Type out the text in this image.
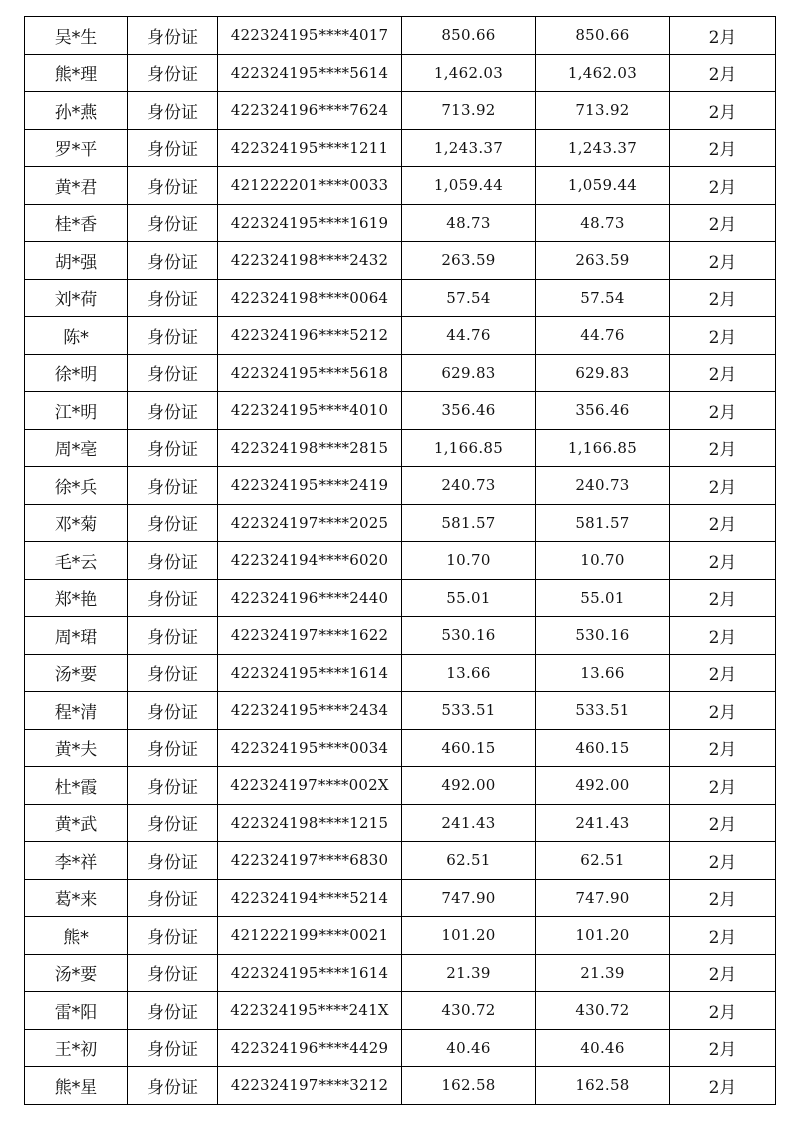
吴*生	身份证	422324195****4017	850.66	850.66	2月
熊*理	身份证	422324195****5614	1,462.03	1,462.03	2月
孙*燕	身份证	422324196****7624	713.92	713.92	2月
罗*平	身份证	422324195****1211	1,243.37	1,243.37	2月
黄*君	身份证	421222201****0033	1,059.44	1,059.44	2月
桂*香	身份证	422324195****1619	48.73	48.73	2月
胡*强	身份证	422324198****2432	263.59	263.59	2月
刘*荷	身份证	422324198****0064	57.54	57.54	2月
陈*	身份证	422324196****5212	44.76	44.76	2月
徐*明	身份证	422324195****5618	629.83	629.83	2月
江*明	身份证	422324195****4010	356.46	356.46	2月
周*亳	身份证	422324198****2815	1,166.85	1,166.85	2月
徐*兵	身份证	422324195****2419	240.73	240.73	2月
邓*菊	身份证	422324197****2025	581.57	581.57	2月
毛*云	身份证	422324194****6020	10.70	10.70	2月
郑*艳	身份证	422324196****2440	55.01	55.01	2月
周*珺	身份证	422324197****1622	530.16	530.16	2月
汤*要	身份证	422324195****1614	13.66	13.66	2月
程*清	身份证	422324195****2434	533.51	533.51	2月
黄*夫	身份证	422324195****0034	460.15	460.15	2月
杜*霞	身份证	422324197****002X	492.00	492.00	2月
黄*武	身份证	422324198****1215	241.43	241.43	2月
李*祥	身份证	422324197****6830	62.51	62.51	2月
葛*来	身份证	422324194****5214	747.90	747.90	2月
熊*	身份证	421222199****0021	101.20	101.20	2月
汤*要	身份证	422324195****1614	21.39	21.39	2月
雷*阳	身份证	422324195****241X	430.72	430.72	2月
王*初	身份证	422324196****4429	40.46	40.46	2月
熊*星	身份证	422324197****3212	162.58	162.58	2月
